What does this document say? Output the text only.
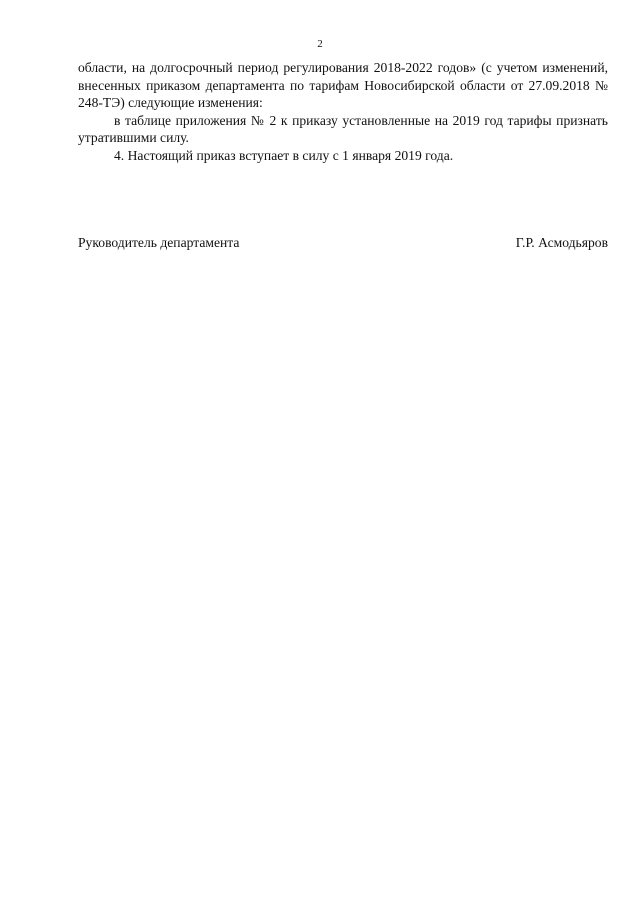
2

области, на долгосрочный период регулирования 2018-2022 годов» (с учетом изменений, внесенных приказом департамента по тарифам Новосибирской области от 27.09.2018 № 248-ТЭ) следующие изменения:

в таблице приложения № 2 к приказу установленные на 2019 год тарифы признать утратившими силу.

4. Настоящий приказ вступает в силу с 1 января 2019 года.

Руководитель департамента	Г.Р. Асмодьяров
